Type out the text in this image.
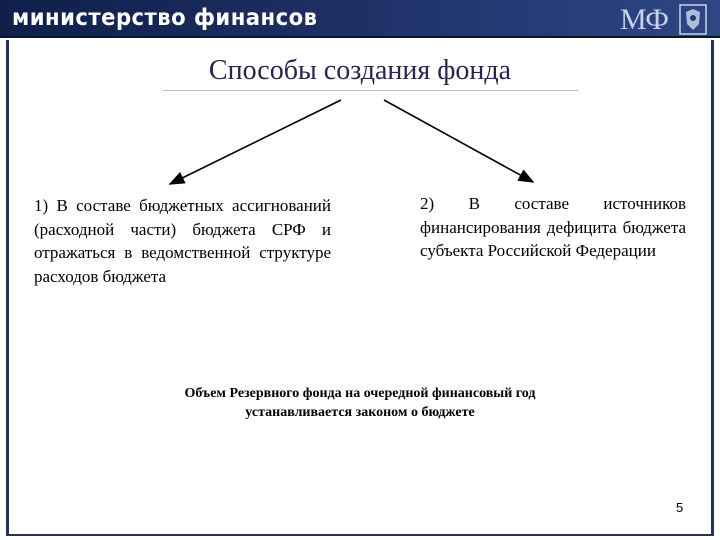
министерство финансов	МФ
Способы создания фонда
1) В составе бюджетных ассигнований (расходной части) бюджета СРФ и отражаться в ведомственной структуре расходов бюджета
2) В составе источников финансирования дефицита бюджета субъекта Российской Федерации
Объем Резервного фонда на очередной финансовый год
устанавливается законом о бюджете
5
